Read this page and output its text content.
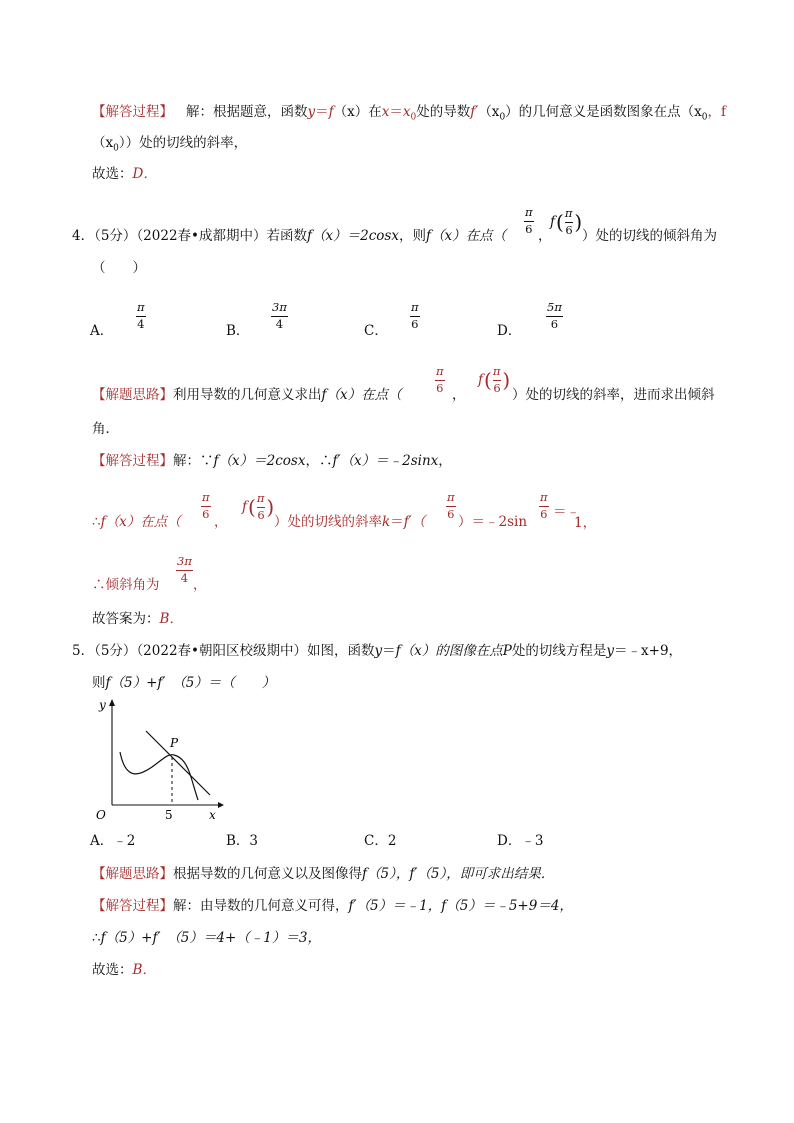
【解答过程】 解：根据题意，函数y＝f（x）在$x=x_0$处的导数$f'(x_0)$的几何意义是函数图象在点（$x_0$，f
$(x_0)$）处的切线的斜率，
故选：D．
4．（5分）（2022春•成都期中）若函数f（x）＝2cosx，则f（x）在点（
π
6 ，
f ( π
6 )
）处的切线的倾斜角为
（　　）
A．
π
4	B．
3π
4	C．
π
6	D．
5π
6
【解题思路】利用导数的几何意义求出f（x）在点（
π
6 ，
f ( π
6 )
）处的切线的斜率，进而求出倾斜
角．
【解答过程】解：∵f（x）＝2cosx，∴f′（x）＝﹣2sinx，
∴f（x）在点（
π
6
，
f ( π
6 )
）处的切线的斜率k＝f′（
π
6
）＝﹣2sin
π
6 ＝﹣
1，
∴倾斜角为
3π
4 ，
故答案为：B．
5．（5分）（2022春•朝阳区校级期中）如图，函数y＝f（x）的图像在点P处的切线方程是y＝﹣x+9，
则f（5）+f′　（5）＝（　　）
y
x
O	5
P
A．﹣2	B．3	C．2	D．﹣3
【解题思路】根据导数的几何意义以及图像得f（5），f′（5），即可求出结果．
【解答过程】解：由导数的几何意义可得，f′（5）＝﹣1，f（5）＝﹣5+9＝4，
∴f（5）+f′　（5）＝4+（﹣1）＝3，
故选：B．
